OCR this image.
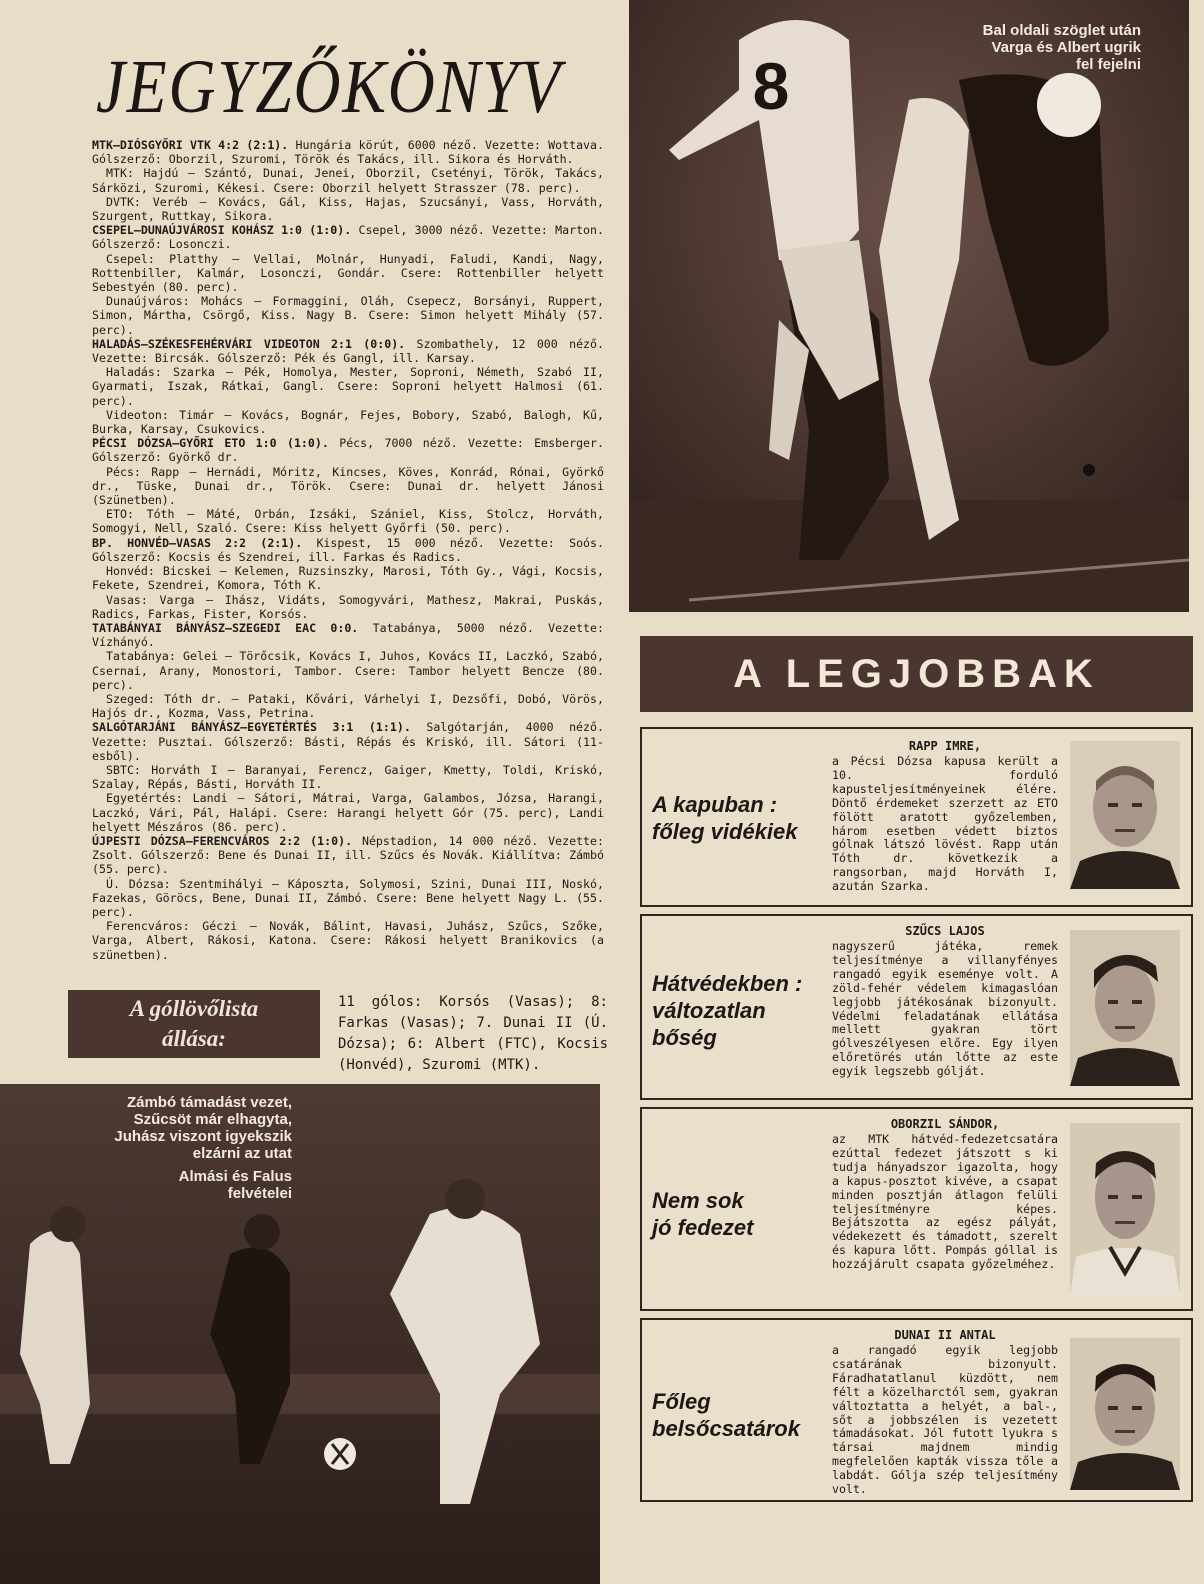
JEGYZŐKÖNYV

MTK–DIÓSGYŐRI VTK 4:2 (2:1). Hungária körút, 6000 néző. Vezette: Wottava. Gólszerző: Oborzil, Szuromi, Török és Takács, ill. Sikora és Horváth.

MTK: Hajdú — Szántó, Dunai, Jenei, Oborzil, Csetényi, Török, Takács, Sárközi, Szuromi, Kékesi. Csere: Oborzil helyett Strasszer (78. perc).

DVTK: Veréb — Kovács, Gál, Kiss, Hajas, Szucsányi, Vass, Horváth, Szurgent, Ruttkay, Sikora.

CSEPEL–DUNAÚJVÁROSI KOHÁSZ 1:0 (1:0). Csepel, 3000 néző. Vezette: Marton. Gólszerző: Losonczi.

Csepel: Platthy — Vellai, Molnár, Hunyadi, Faludi, Kandi, Nagy, Rottenbiller, Kalmár, Losonczi, Gondár. Csere: Rottenbiller helyett Sebestyén (80. perc).

Dunaújváros: Mohács — Formaggini, Oláh, Csepecz, Borsányi, Ruppert, Simon, Mártha, Csörgő, Kiss. Nagy B. Csere: Simon helyett Mihály (57. perc).

HALADÁS–SZÉKESFEHÉRVÁRI VIDEOTON 2:1 (0:0). Szombathely, 12 000 néző. Vezette: Bircsák. Gólszerző: Pék és Gangl, ill. Karsay.

Haladás: Szarka — Pék, Homolya, Mester, Soproni, Németh, Szabó II, Gyarmati, Iszak, Rátkai, Gangl. Csere: Soproni helyett Halmosi (61. perc).

Videoton: Timár — Kovács, Bognár, Fejes, Bobory, Szabó, Balogh, Kű, Burka, Karsay, Csukovics.

PÉCSI DÓZSA–GYŐRI ETO 1:0 (1:0). Pécs, 7000 néző. Vezette: Emsberger. Gólszerző: Györkő dr.

Pécs: Rapp — Hernádi, Móritz, Kincses, Köves, Konrád, Rónai, Györkő dr., Tüske, Dunai dr., Török. Csere: Dunai dr. helyett Jánosi (Szünetben).

ETO: Tóth — Máté, Orbán, Izsáki, Szániel, Kiss, Stolcz, Horváth, Somogyi, Nell, Szaló. Csere: Kiss helyett Győrfi (50. perc).

BP. HONVÉD–VASAS 2:2 (2:1). Kispest, 15 000 néző. Vezette: Soós. Gólszerző: Kocsis és Szendrei, ill. Farkas és Radics.

Honvéd: Bicskei — Kelemen, Ruzsinszky, Marosi, Tóth Gy., Vági, Kocsis, Fekete, Szendrei, Komora, Tóth K.

Vasas: Varga — Ihász, Vidáts, Somogyvári, Mathesz, Makrai, Puskás, Radics, Farkas, Fister, Korsós.

TATABÁNYAI BÁNYÁSZ–SZEGEDI EAC 0:0. Tatabánya, 5000 néző. Vezette: Vízhányó.

Tatabánya: Gelei — Törőcsik, Kovács I, Juhos, Kovács II, Laczkó, Szabó, Csernai, Arany, Monostori, Tambor. Csere: Tambor helyett Bencze (80. perc).

Szeged: Tóth dr. — Pataki, Kővári, Várhelyi I, Dezsőfi, Dobó, Vörös, Hajós dr., Kozma, Vass, Petrina.

SALGÓTARJÁNI BÁNYÁSZ–EGYETÉRTÉS 3:1 (1:1). Salgótarján, 4000 néző. Vezette: Pusztai. Gólszerző: Básti, Répás és Kriskó, ill. Sátori (11-esből).

SBTC: Horváth I — Baranyai, Ferencz, Gaiger, Kmetty, Toldi, Kriskó, Szalay, Répás, Básti, Horváth II.

Egyetértés: Landi — Sátori, Mátrai, Varga, Galambos, Józsa, Harangi, Laczkó, Vári, Pál, Halápi. Csere: Harangi helyett Gór (75. perc), Landi helyett Mészáros (86. perc).

ÚJPESTI DÓZSA–FERENCVÁROS 2:2 (1:0). Népstadion, 14 000 néző. Vezette: Zsolt. Gólszerző: Bene és Dunai II, ill. Szűcs és Novák. Kiállítva: Zámbó (55. perc).

Ú. Dózsa: Szentmihályi — Káposzta, Solymosi, Szini, Dunai III, Noskó, Fazekas, Göröcs, Bene, Dunai II, Zámbó. Csere: Bene helyett Nagy L. (55. perc).

Ferencváros: Géczi — Novák, Bálint, Havasi, Juhász, Szűcs, Szőke, Varga, Albert, Rákosi, Katona. Csere: Rákosi helyett Branikovics (a szünetben).

A góllövőlista
állása:
11 gólos: Korsós (Vasas); 8: Farkas (Vasas); 7. Dunai II (Ú. Dózsa); 6: Albert (FTC), Kocsis (Honvéd), Szuromi (MTK).
8
Bal oldali szöglet után
Varga és Albert ugrik
fel fejelni
Zámbó támadást vezet,
Szűcsöt már elhagyta,
Juhász viszont igyekszik
elzárni az utat
Almási és Falus
felvételei
A LEGJOBBAK
A kapuban :
főleg vidékiek
RAPP IMRE,
a Pécsi Dózsa kapusa került a 10. forduló kapusteljesítményeinek élére. Döntő érdemeket szerzett az ETO fölött aratott győzelemben, három esetben védett biztos gólnak látszó lövést. Rapp után Tóth dr. következik a rangsorban, majd Horváth I, azután Szarka.
Hátvédekben :
változatlan
bőség
SZŰCS LAJOS
nagyszerű játéka, remek teljesítménye a villanyfényes rangadó egyik eseménye volt. A zöld-fehér védelem kimagaslóan legjobb játékosának bizonyult. Védelmi feladatának ellátása mellett gyakran tört gólveszélyesen előre. Egy ilyen előretörés után lőtte az este egyik legszebb gólját.
Nem sok
jó fedezet
OBORZIL SÁNDOR,
az MTK hátvéd-fedezetcsatára ezúttal fedezet játszott s ki tudja hányadszor igazolta, hogy a kapus-posztot kivéve, a csapat minden posztján átlagon felüli teljesítményre képes. Bejátszotta az egész pályát, védekezett és támadott, szerelt és kapura lőtt. Pompás góllal is hozzájárult csapata győzelméhez.
Főleg
belsőcsatárok
DUNAI II ANTAL
a rangadó egyik legjobb csatárának bizonyult. Fáradhatatlanul küzdött, nem félt a közelharctól sem, gyakran változtatta a helyét, a bal-, sőt a jobbszélen is vezetett támadásokat. Jól futott lyukra s társai majdnem mindig megfelelően kapták vissza tőle a labdát. Gólja szép teljesítmény volt.
